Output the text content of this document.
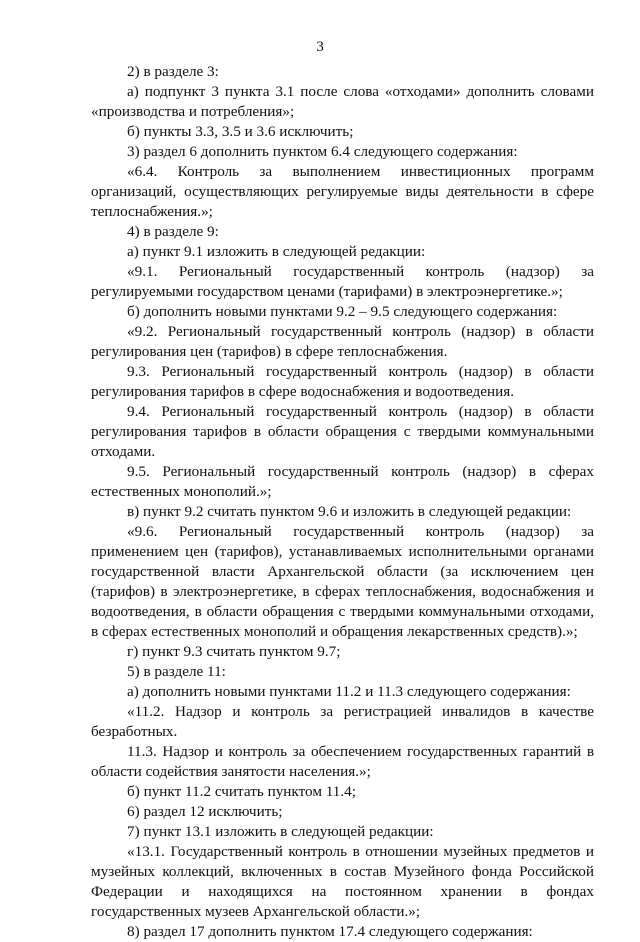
3

2) в разделе 3:

а) подпункт 3 пункта 3.1 после слова «отходами» дополнить словами «производства и потребления»;

б) пункты 3.3, 3.5 и 3.6 исключить;

3) раздел 6 дополнить пунктом 6.4 следующего содержания:

«6.4. Контроль за выполнением инвестиционных программ организаций, осуществляющих регулируемые виды деятельности в сфере теплоснабжения.»;

4) в разделе 9:

а) пункт 9.1 изложить в следующей редакции:

«9.1. Региональный государственный контроль (надзор) за регулируемыми государством ценами (тарифами) в электроэнергетике.»;

б) дополнить новыми пунктами 9.2 – 9.5 следующего содержания:

«9.2. Региональный государственный контроль (надзор) в области регулирования цен (тарифов) в сфере теплоснабжения.

9.3. Региональный государственный контроль (надзор) в области регулирования тарифов в сфере водоснабжения и водоотведения.

9.4. Региональный государственный контроль (надзор) в области регулирования тарифов в области обращения с твердыми коммунальными отходами.

9.5. Региональный государственный контроль (надзор) в сферах естественных монополий.»;

в) пункт 9.2 считать пунктом 9.6 и изложить в следующей редакции:

«9.6. Региональный государственный контроль (надзор) за применением цен (тарифов), устанавливаемых исполнительными органами государственной власти Архангельской области (за исключением цен (тарифов) в электроэнергетике, в сферах теплоснабжения, водоснабжения и водоотведения, в области обращения с твердыми коммунальными отходами, в сферах естественных монополий и обращения лекарственных средств).»;

г) пункт 9.3 считать пунктом 9.7;

5) в разделе 11:

а) дополнить новыми пунктами 11.2 и 11.3 следующего содержания:

«11.2. Надзор и контроль за регистрацией инвалидов в качестве безработных.

11.3. Надзор и контроль за обеспечением государственных гарантий в области содействия занятости населения.»;

б) пункт 11.2 считать пунктом 11.4;

6) раздел 12 исключить;

7) пункт 13.1 изложить в следующей редакции:

«13.1. Государственный контроль в отношении музейных предметов и музейных коллекций, включенных в состав Музейного фонда Российской Федерации и находящихся на постоянном хранении в фондах государственных музеев Архангельской области.»;

8) раздел 17 дополнить пунктом 17.4 следующего содержания:
